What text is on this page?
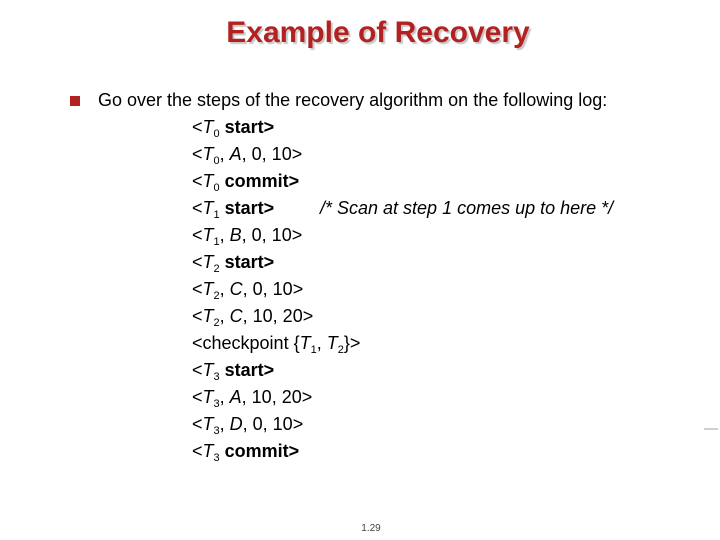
Example of Recovery
Go over the steps of the recovery algorithm on the following log:
$<T_0$ start>
$<T_0$, A, 0, 10>
$<T_0$ commit>
$<T_1$ start>	/* Scan at step 1 comes up to here */
$<T_1$, B, 0, 10>
$<T_2$ start>
$<T_2$, C, 0, 10>
$<T_2$, C, 10, 20>
<checkpoint {$T_1$, $T_2\}>$
$<T_3$ start>
$<T_3$, A, 10, 20>
$<T_3$, D, 0, 10>
$<T_3$ commit>
1.29
